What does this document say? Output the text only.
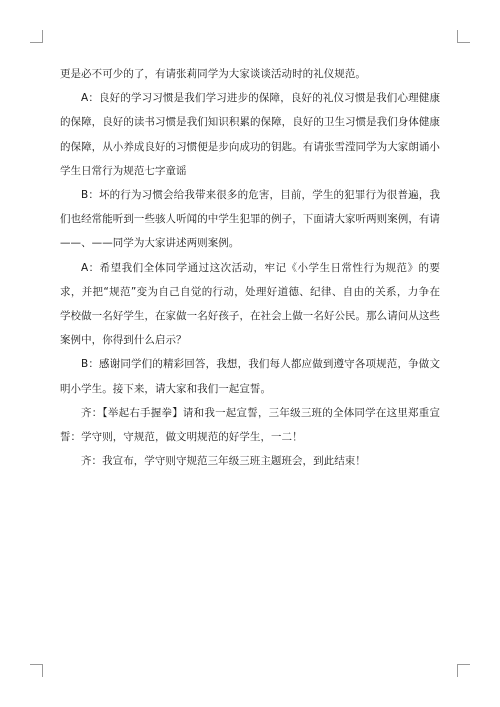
更是必不可少的了，有请张莉同学为大家谈谈活动时的礼仪规范。

A：良好的学习习惯是我们学习进步的保障，良好的礼仪习惯是我们心理健康的保障，良好的读书习惯是我们知识积累的保障，良好的卫生习惯是我们身体健康的保障，从小养成良好的习惯便是步向成功的钥匙。有请张雪滢同学为大家朗诵小学生日常行为规范七字童谣

B：坏的行为习惯会给我带来很多的危害，目前，学生的犯罪行为很普遍，我们也经常能听到一些骇人听闻的中学生犯罪的例子，下面请大家听两则案例，有请——、——同学为大家讲述两则案例。

A：希望我们全体同学通过这次活动，牢记《小学生日常性行为规范》的要求，并把“规范”变为自己自觉的行动，处理好道德、纪律、自由的关系，力争在学校做一名好学生，在家做一名好孩子，在社会上做一名好公民。那么请问从这些案例中，你得到什么启示？

B：感谢同学们的精彩回答，我想，我们每人都应做到遵守各项规范，争做文明小学生。接下来，请大家和我们一起宣誓。

齐：【举起右手握拳】请和我一起宣誓，三年级三班的全体同学在这里郑重宣誓：学守则，守规范，做文明规范的好学生，一二！

齐：我宣布，学守则守规范三年级三班主题班会，到此结束！
